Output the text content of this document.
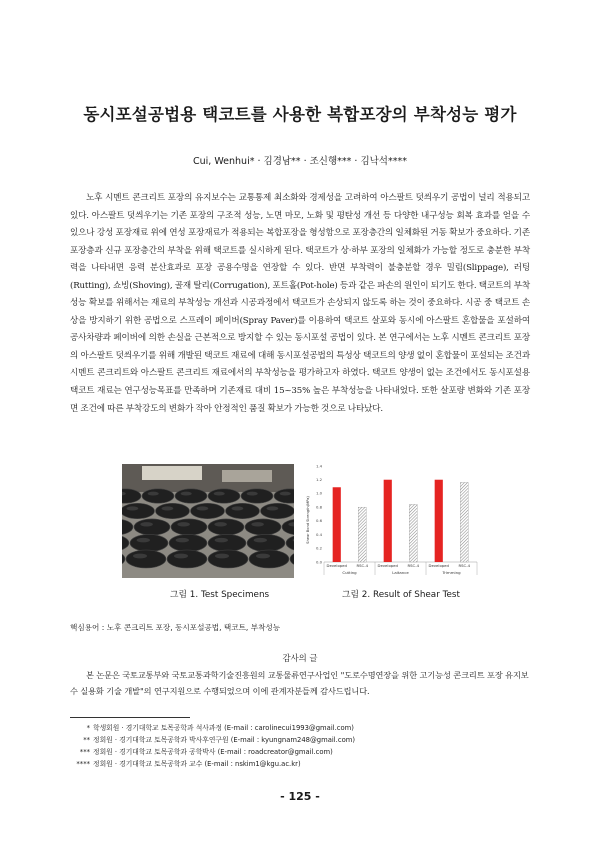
동시포설공법용 택코트를 사용한 복합포장의 부착성능 평가
Cui, Wenhui* · 김경남** · 조신행*** · 김낙석****

노후 시멘트 콘크리트 포장의 유지보수는 교통통제 최소화와 경제성을 고려하여 아스팔트 덧씌우기 공법이 널리 적용되고 있다. 아스팔트 덧씌우기는 기존 포장의 구조적 성능, 노면 마모, 노화 및 평탄성 개선 등 다양한 내구성능 회복 효과를 얻을 수 있으나 강성 포장재료 위에 연성 포장재료가 적용되는 복합포장을 형성함으로 포장층간의 일체화된 거동 확보가 중요하다. 기존 포장층과 신규 포장층간의 부착을 위해 택코트를 실시하게 된다. 택코트가 상·하부 포장의 일체화가 가능할 정도로 충분한 부착력을 나타내면 응력 분산효과로 포장 공용수명을 연장할 수 있다. 반면 부착력이 불충분할 경우 밀림(Slippage), 러팅(Rutting), 쇼빙(Shoving), 골재 탈리(Corrugation), 포트홀(Pot-hole) 등과 같은 파손의 원인이 되기도 한다. 택코트의 부착성능 확보를 위해서는 재료의 부착성능 개선과 시공과정에서 택코트가 손상되지 않도록 하는 것이 중요하다. 시공 중 택코트 손상을 방지하기 위한 공법으로 스프레이 페이버(Spray Paver)를 이용하여 택코트 살포와 동시에 아스팔트 혼합물을 포설하여 공사차량과 페이버에 의한 손실을 근본적으로 방지할 수 있는 동시포설 공법이 있다. 본 연구에서는 노후 시멘트 콘크리트 포장의 아스팔트 덧씌우기를 위해 개발된 택코트 재료에 대해 동시포설공법의 특성상 택코트의 양생 없이 혼합물이 포설되는 조건과 시멘트 콘크리트와 아스팔트 콘크리트 재료에서의 부착성능을 평가하고자 하였다. 택코트 양생이 없는 조건에서도 동시포설용 택코트 재료는 연구성능목표를 만족하며 기존재료 대비 15~35% 높은 부착성능을 나타내었다. 또한 살포량 변화와 기존 포장면 조건에 따른 부착강도의 변화가 작아 안정적인 품질 확보가 가능한 것으로 나타났다.

그림 1. Test Specimens
0.0
0.2
0.4
0.6
0.8
1.0
1.2
1.4
Developed	RSC-4	Developed	RSC-4	Developed	RSC-4
Cutting	Laitance	Trimming
Shear Bond Strength(MPa)
그림 2. Result of Shear Test
핵심용어 : 노후 콘크리트 포장, 동시포설공법, 택코트, 부착성능
감사의 글

본 논문은 국토교통부와 국토교통과학기술진흥원의 교통물류연구사업인 "도로수명연장을 위한 고기능성 콘크리트 포장 유지보수 실용화 기술 개발"의 연구지원으로 수행되었으며 이에 관계자분들께 감사드립니다.

* 학생회원 · 경기대학교 토목공학과 석사과정 (E-mail : carolinecui1993@gmail.com)
** 정회원 · 경기대학교 토목공학과 박사후연구원 (E-mail : kyungnam248@gmail.com)
*** 정회원 · 경기대학교 토목공학과 공학박사 (E-mail : roadcreator@gmail.com)
**** 정회원 · 경기대학교 토목공학과 교수 (E-mail : nskim1@kgu.ac.kr)
- 125 -
